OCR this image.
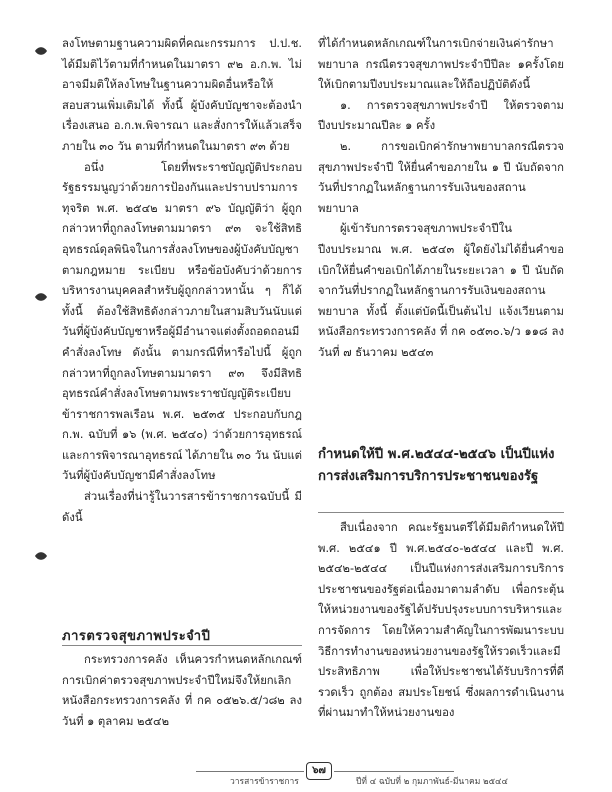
ลงโทษตามฐานความผิดที่คณะกรรมการ ป.ป.ช. ได้มีมติไว้ตามที่กำหนดในมาตรา ๙๒ อ.ก.พ. ไม่อาจมีมติให้ลงโทษในฐานความผิดอื่นหรือให้สอบสวนเพิ่มเติมได้ ทั้งนี้ ผู้บังคับบัญชาจะต้องนำเรื่องเสนอ อ.ก.พ.พิจารณา และสั่งการให้แล้วเสร็จภายใน ๓๐ วัน ตามที่กำหนดในมาตรา ๙๓ ด้วย

อนึ่ง โดยที่พระราชบัญญัติประกอบรัฐธรรมนูญว่าด้วยการป้องกันและปราบปรามการทุจริต พ.ศ. ๒๕๔๒ มาตรา ๙๖ บัญญัติว่า ผู้ถูกกล่าวหาที่ถูกลงโทษตามมาตรา ๙๓ จะใช้สิทธิอุทธรณ์ดุลพินิจในการสั่งลงโทษของผู้บังคับบัญชาตามกฎหมาย ระเบียบ หรือข้อบังคับว่าด้วยการบริหารงานบุคคลสำหรับผู้ถูกกล่าวหานั้น ๆ ก็ได้ ทั้งนี้ ต้องใช้สิทธิดังกล่าวภายในสามสิบวันนับแต่วันที่ผู้บังคับบัญชาหรือผู้มีอำนาจแต่งตั้งถอดถอนมีคำสั่งลงโทษ ดังนั้น ตามกรณีที่หารือไปนี้ ผู้ถูกกล่าวหาที่ถูกลงโทษตามมาตรา ๙๓ จึงมีสิทธิอุทธรณ์คำสั่งลงโทษตามพระราชบัญญัติระเบียบข้าราชการพลเรือน พ.ศ. ๒๕๓๕ ประกอบกับกฎ ก.พ. ฉบับที่ ๑๖ (พ.ศ. ๒๕๔๐) ว่าด้วยการอุทธรณ์และการพิจารณาอุทธรณ์ ได้ภายใน ๓๐ วัน นับแต่วันที่ผู้บังคับบัญชามีคำสั่งลงโทษ

ส่วนเรื่องที่น่ารู้ในวารสารข้าราชการฉบับนี้ มีดังนี้

ภารตรวจสุขภาพประจำปี

กระทรวงการคลัง เห็นควรกำหนดหลักเกณฑ์การเบิกค่าตรวจสุขภาพประจำปีใหม่จึงให้ยกเลิกหนังสือกระทรวงการคลัง ที่ กค ๐๕๒๖.๕/ว๘๒ ลงวันที่ ๑ ตุลาคม ๒๕๔๒

ที่ได้กำหนดหลักเกณฑ์ในการเบิกจ่ายเงินค่ารักษาพยาบาล กรณีตรวจสุขภาพประจำปีปีละ ๑ครั้งโดยให้เบิกตามปีงบประมาณและให้ถือปฏิบัติดังนี้

๑. การตรวจสุขภาพประจำปี ให้ตรวจตามปีงบประมาณปีละ ๑ ครั้ง

๒. การขอเบิกค่ารักษาพยาบาลกรณีตรวจสุขภาพประจำปี ให้ยื่นคำขอภายใน ๑ ปี นับถัดจากวันที่ปรากฏในหลักฐานการรับเงินของสถานพยาบาล

ผู้เข้ารับการตรวจสุขภาพประจำปีในปีงบประมาณ พ.ศ. ๒๕๔๓ ผู้ใดยังไม่ได้ยื่นคำขอเบิกให้ยื่นคำขอเบิกได้ภายในระยะเวลา ๑ ปี นับถัดจากวันที่ปรากฏในหลักฐานการรับเงินของสถานพยาบาล ทั้งนี้ ตั้งแต่บัดนี้เป็นต้นไป แจ้งเวียนตามหนังสือกระทรวงการคลัง ที่ กค ๐๕๓๐.๖/ว ๑๑๘ ลงวันที่ ๗ ธันวาคม ๒๕๔๓

กำหนดให้ปี พ.ศ.๒๕๔๔-๒๕๔๖ เป็นปีแห่งการส่งเสริมการบริการประชาชนของรัฐ

สืบเนื่องจาก คณะรัฐมนตรีได้มีมติกำหนดให้ปี พ.ศ. ๒๕๔๑ ปี พ.ศ.๒๕๔๐-๒๕๔๔ และปี พ.ศ. ๒๕๔๒-๒๕๔๔ เป็นปีแห่งการส่งเสริมการบริการประชาชนของรัฐต่อเนื่องมาตามลำดับ เพื่อกระตุ้นให้หน่วยงานของรัฐได้ปรับปรุงระบบการบริหารและการจัดการ โดยให้ความสำคัญในการพัฒนาระบบวิธีการทำงานของหน่วยงานของรัฐให้รวดเร็วและมีประสิทธิภาพ เพื่อให้ประชาชนได้รับบริการที่ดี รวดเร็ว ถูกต้อง สมประโยชน์ ซึ่งผลการดำเนินงานที่ผ่านมาทำให้หน่วยงานของ

๖๗
วารสารข้าราชการ	ปีที่ ๔ ฉบับที่ ๒ กุมภาพันธ์-มีนาคม ๒๕๔๔
